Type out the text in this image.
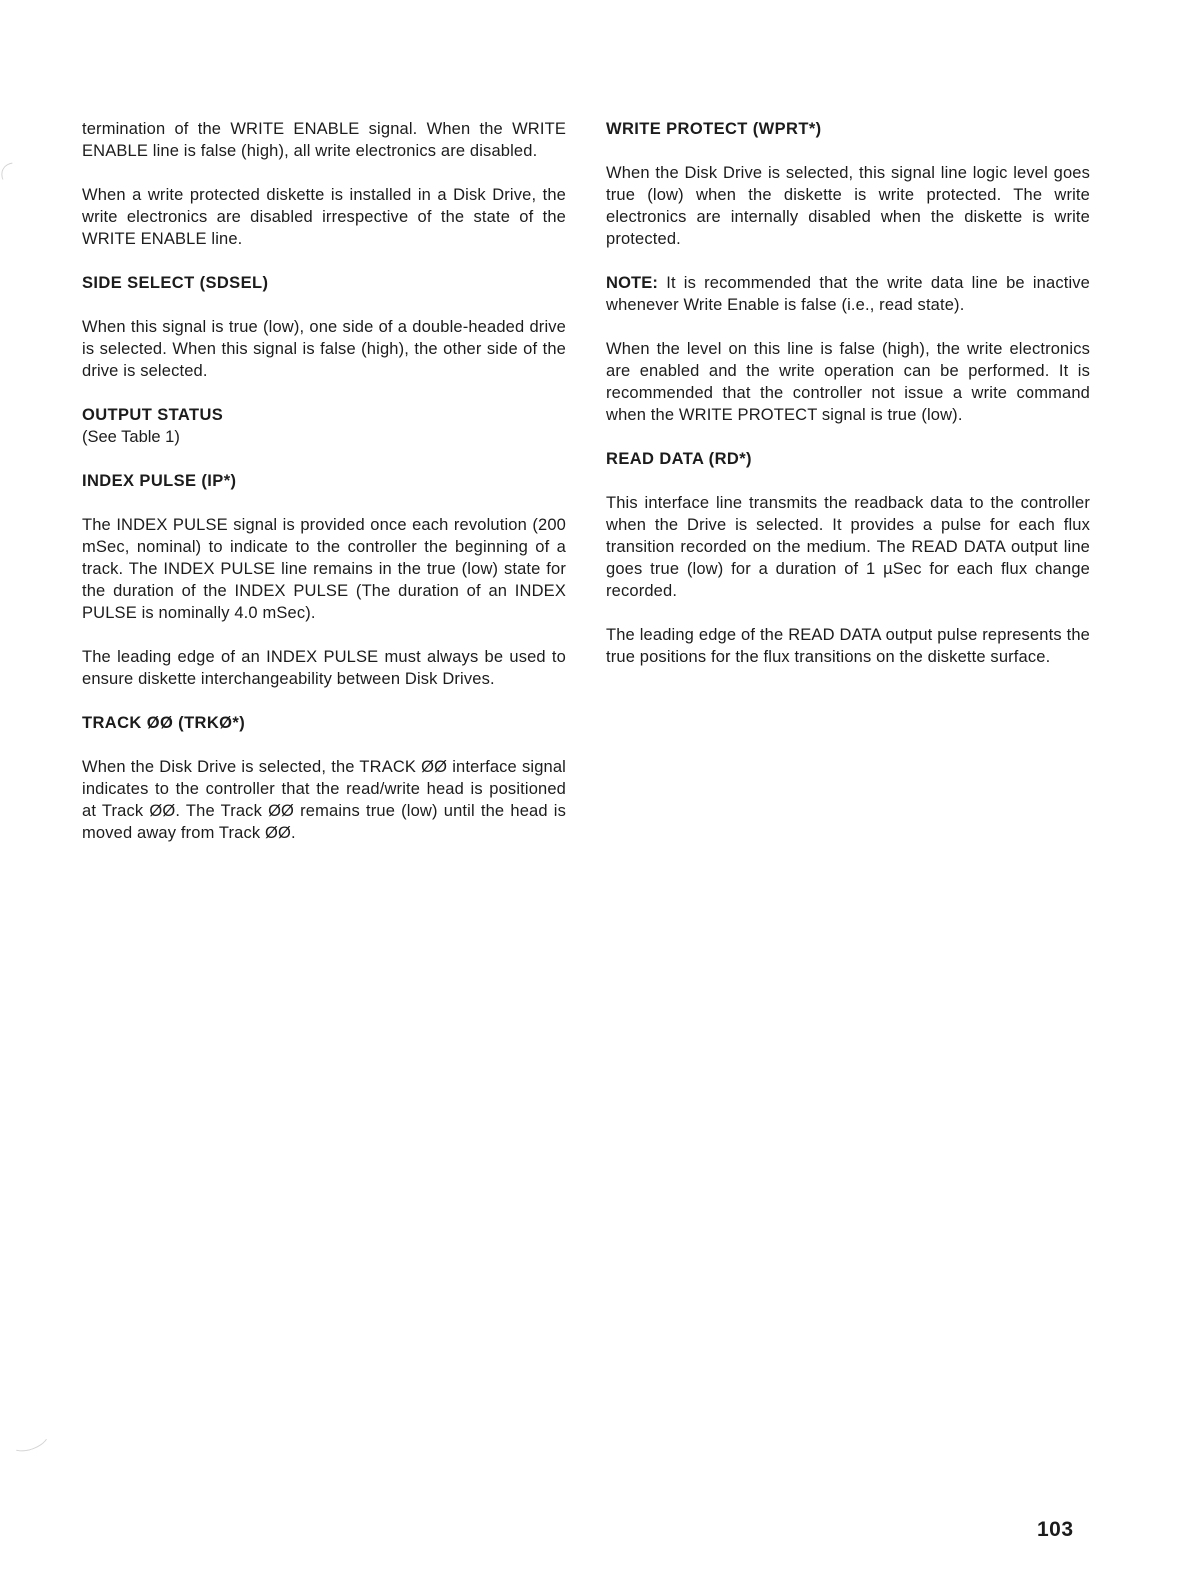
termination of the WRITE ENABLE signal. When the WRITE ENABLE line is false (high), all write electronics are disabled.

When a write protected diskette is installed in a Disk Drive, the write electronics are disabled irrespective of the state of the WRITE ENABLE line.

SIDE SELECT (SDSEL)

When this signal is true (low), one side of a double-headed drive is selected. When this signal is false (high), the other side of the drive is selected.

OUTPUT STATUS

(See Table 1)

INDEX PULSE (IP*)

The INDEX PULSE signal is provided once each revolution (200 mSec, nominal) to indicate to the controller the beginning of a track. The INDEX PULSE line remains in the true (low) state for the duration of the INDEX PULSE (The duration of an INDEX PULSE is nominally 4.0 mSec).

The leading edge of an INDEX PULSE must always be used to ensure diskette interchangeability between Disk Drives.

TRACK ØØ (TRKØ*)

When the Disk Drive is selected, the TRACK ØØ interface signal indicates to the controller that the read/write head is positioned at Track ØØ. The Track ØØ remains true (low) until the head is moved away from Track ØØ.

WRITE PROTECT (WPRT*)

When the Disk Drive is selected, this signal line logic level goes true (low) when the diskette is write protected. The write electronics are internally disabled when the diskette is write protected.

NOTE: It is recommended that the write data line be inactive whenever Write Enable is false (i.e., read state).

When the level on this line is false (high), the write electronics are enabled and the write operation can be performed. It is recommended that the controller not issue a write command when the WRITE PROTECT signal is true (low).

READ DATA (RD*)

This interface line transmits the readback data to the controller when the Drive is selected. It provides a pulse for each flux transition recorded on the medium. The READ DATA output line goes true (low) for a duration of 1 µSec for each flux change recorded.

The leading edge of the READ DATA output pulse represents the true positions for the flux transitions on the diskette surface.

103
